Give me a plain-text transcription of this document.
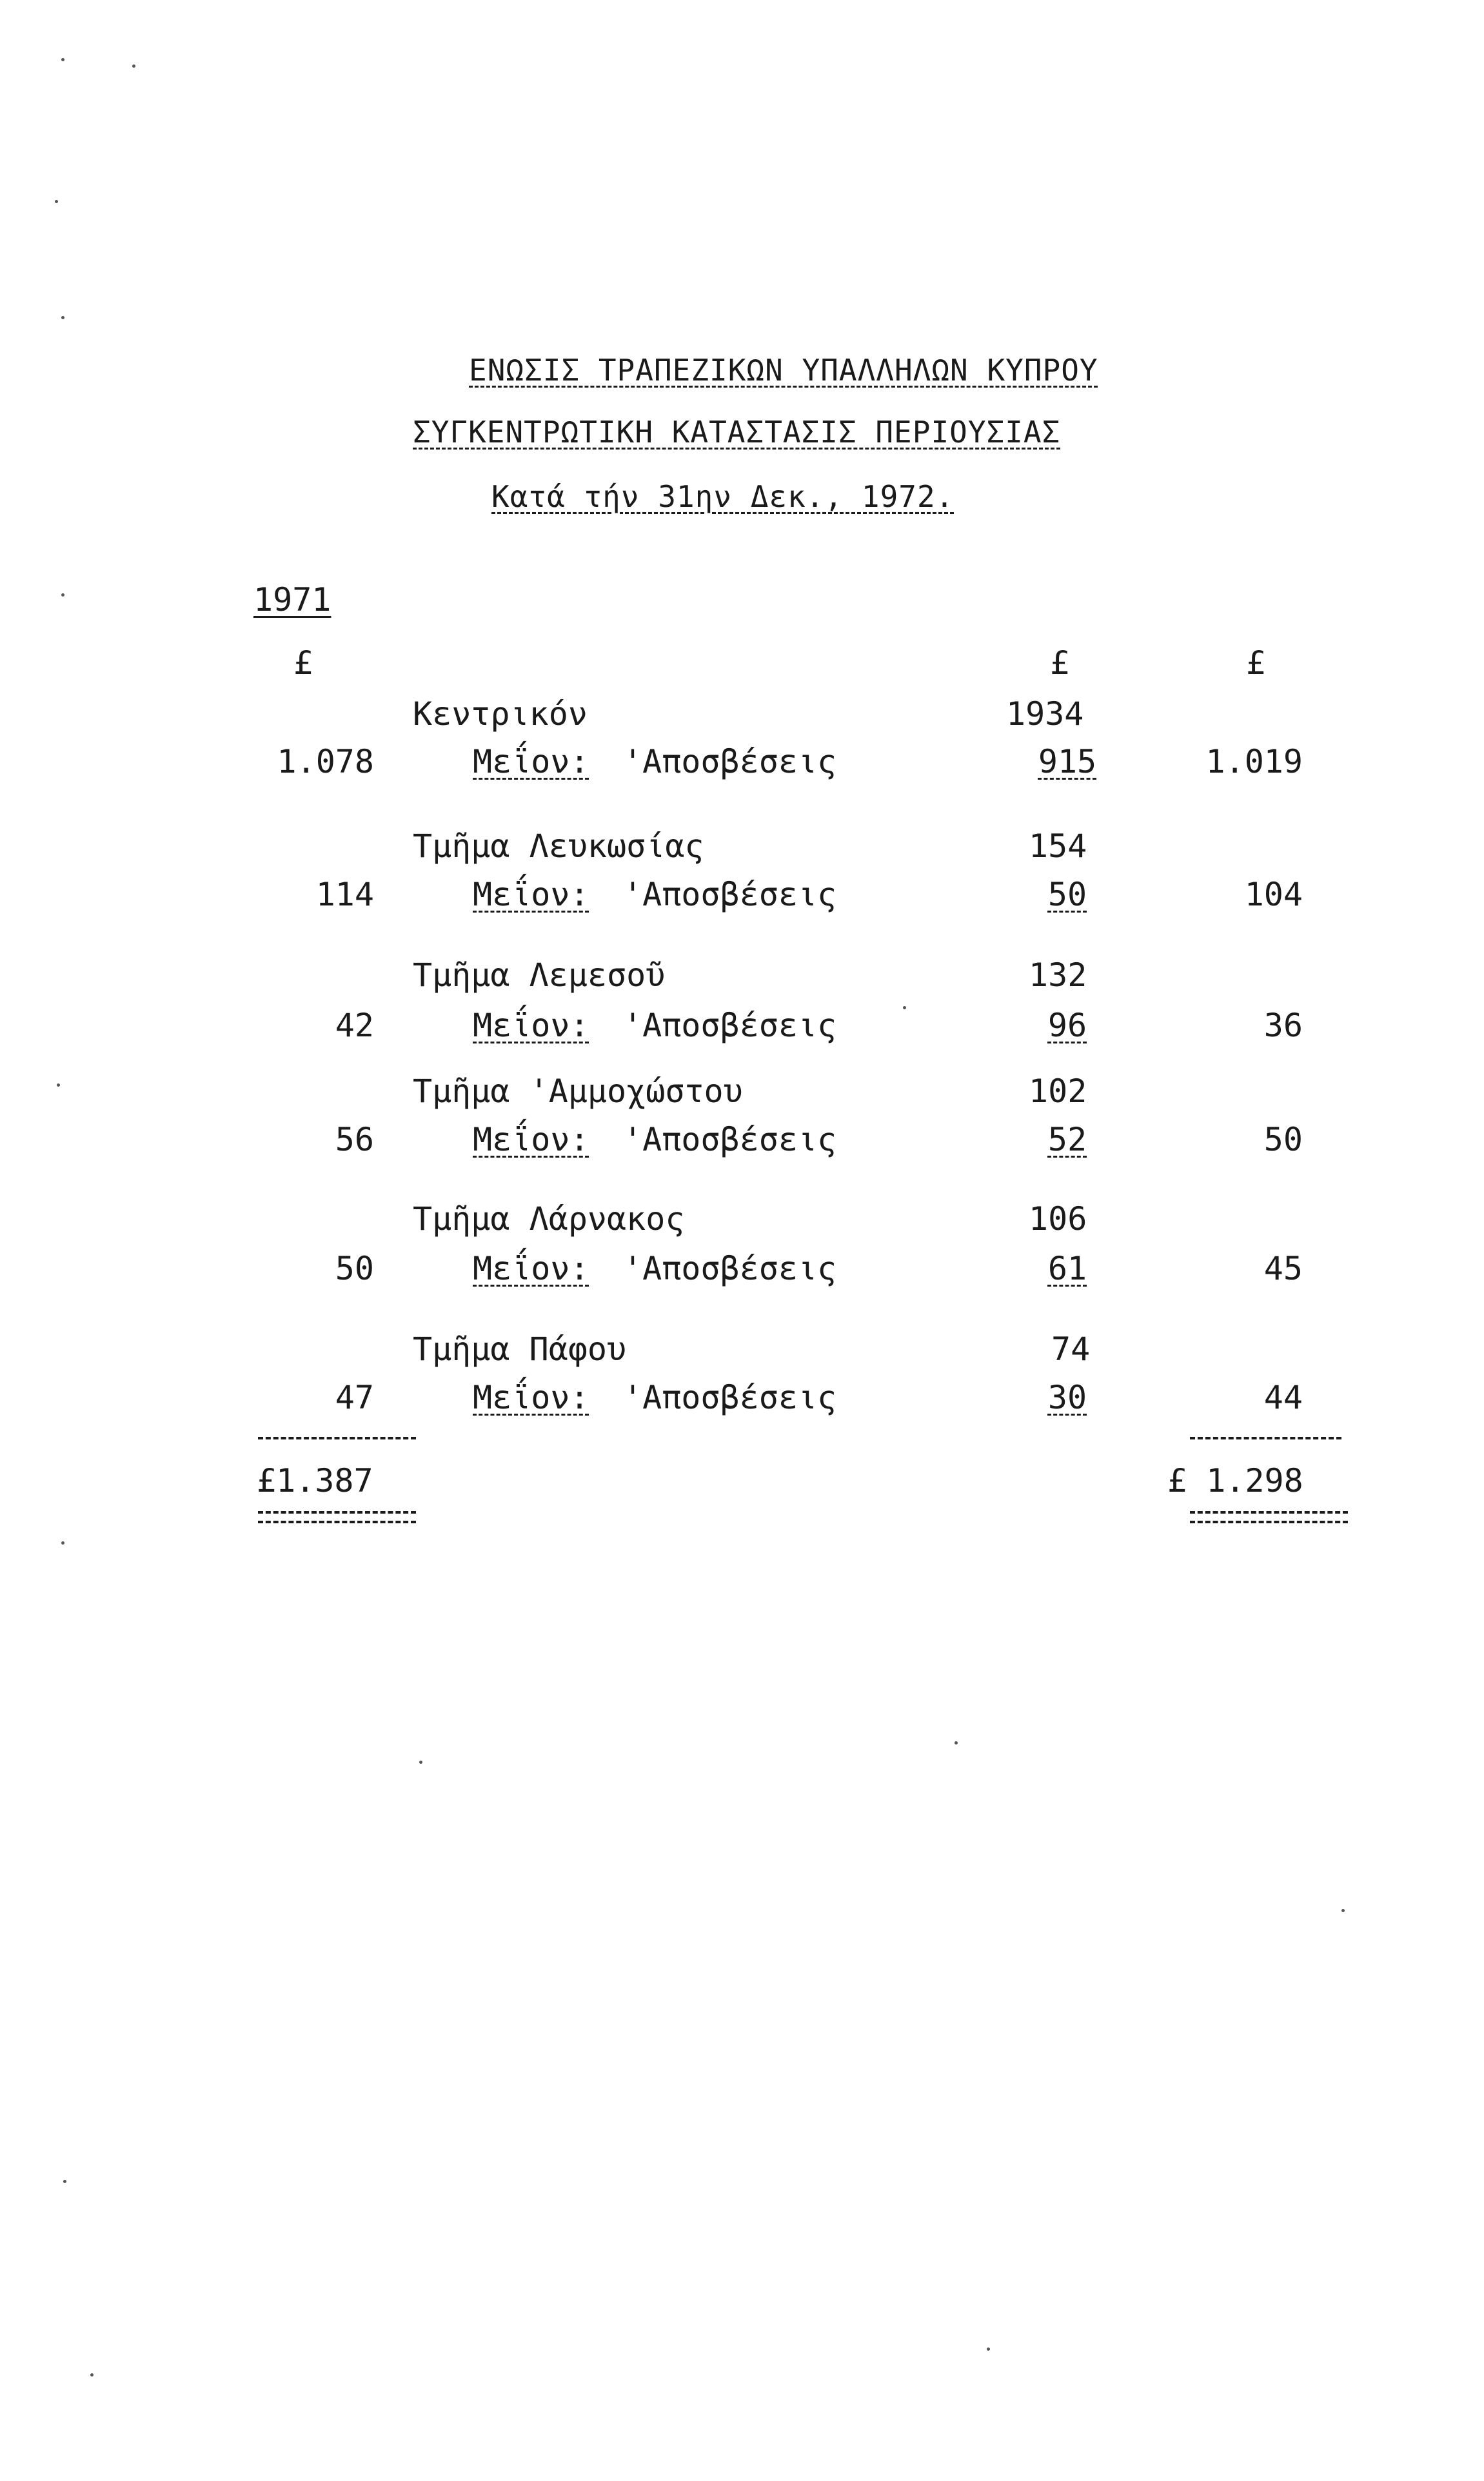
ΕΝΩΣΙΣ ΤΡΑΠΕΖΙΚΩΝ ΥΠΑΛΛΗΛΩΝ ΚΥΠΡΟΥ
ΣΥΓΚΕΝΤΡΩΤΙΚΗ ΚΑΤΑΣΤΑΣΙΣ ΠΕΡΙΟΥΣΙΑΣ
Κατά τήν 31ην Δεκ., 1972.
1971
£	£	£
Κεντρικόν	1934
1.078	Μεΐον: 'Αποσβέσεις	915	1.019
Τμῆμα Λευκωσίας	154
114	Μεΐον: 'Αποσβέσεις	50	104
Τμῆμα Λεμεσοῦ	132
42	Μεΐον: 'Αποσβέσεις	96	36
Τμῆμα 'Αμμοχώστου	102
56	Μεΐον: 'Αποσβέσεις	52	50
Τμῆμα Λάρνακος	106
50	Μεΐον: 'Αποσβέσεις	61	45
Τμῆμα Πάφου	74
47	Μεΐον: 'Αποσβέσεις	30	44
£1.387	£ 1.298
